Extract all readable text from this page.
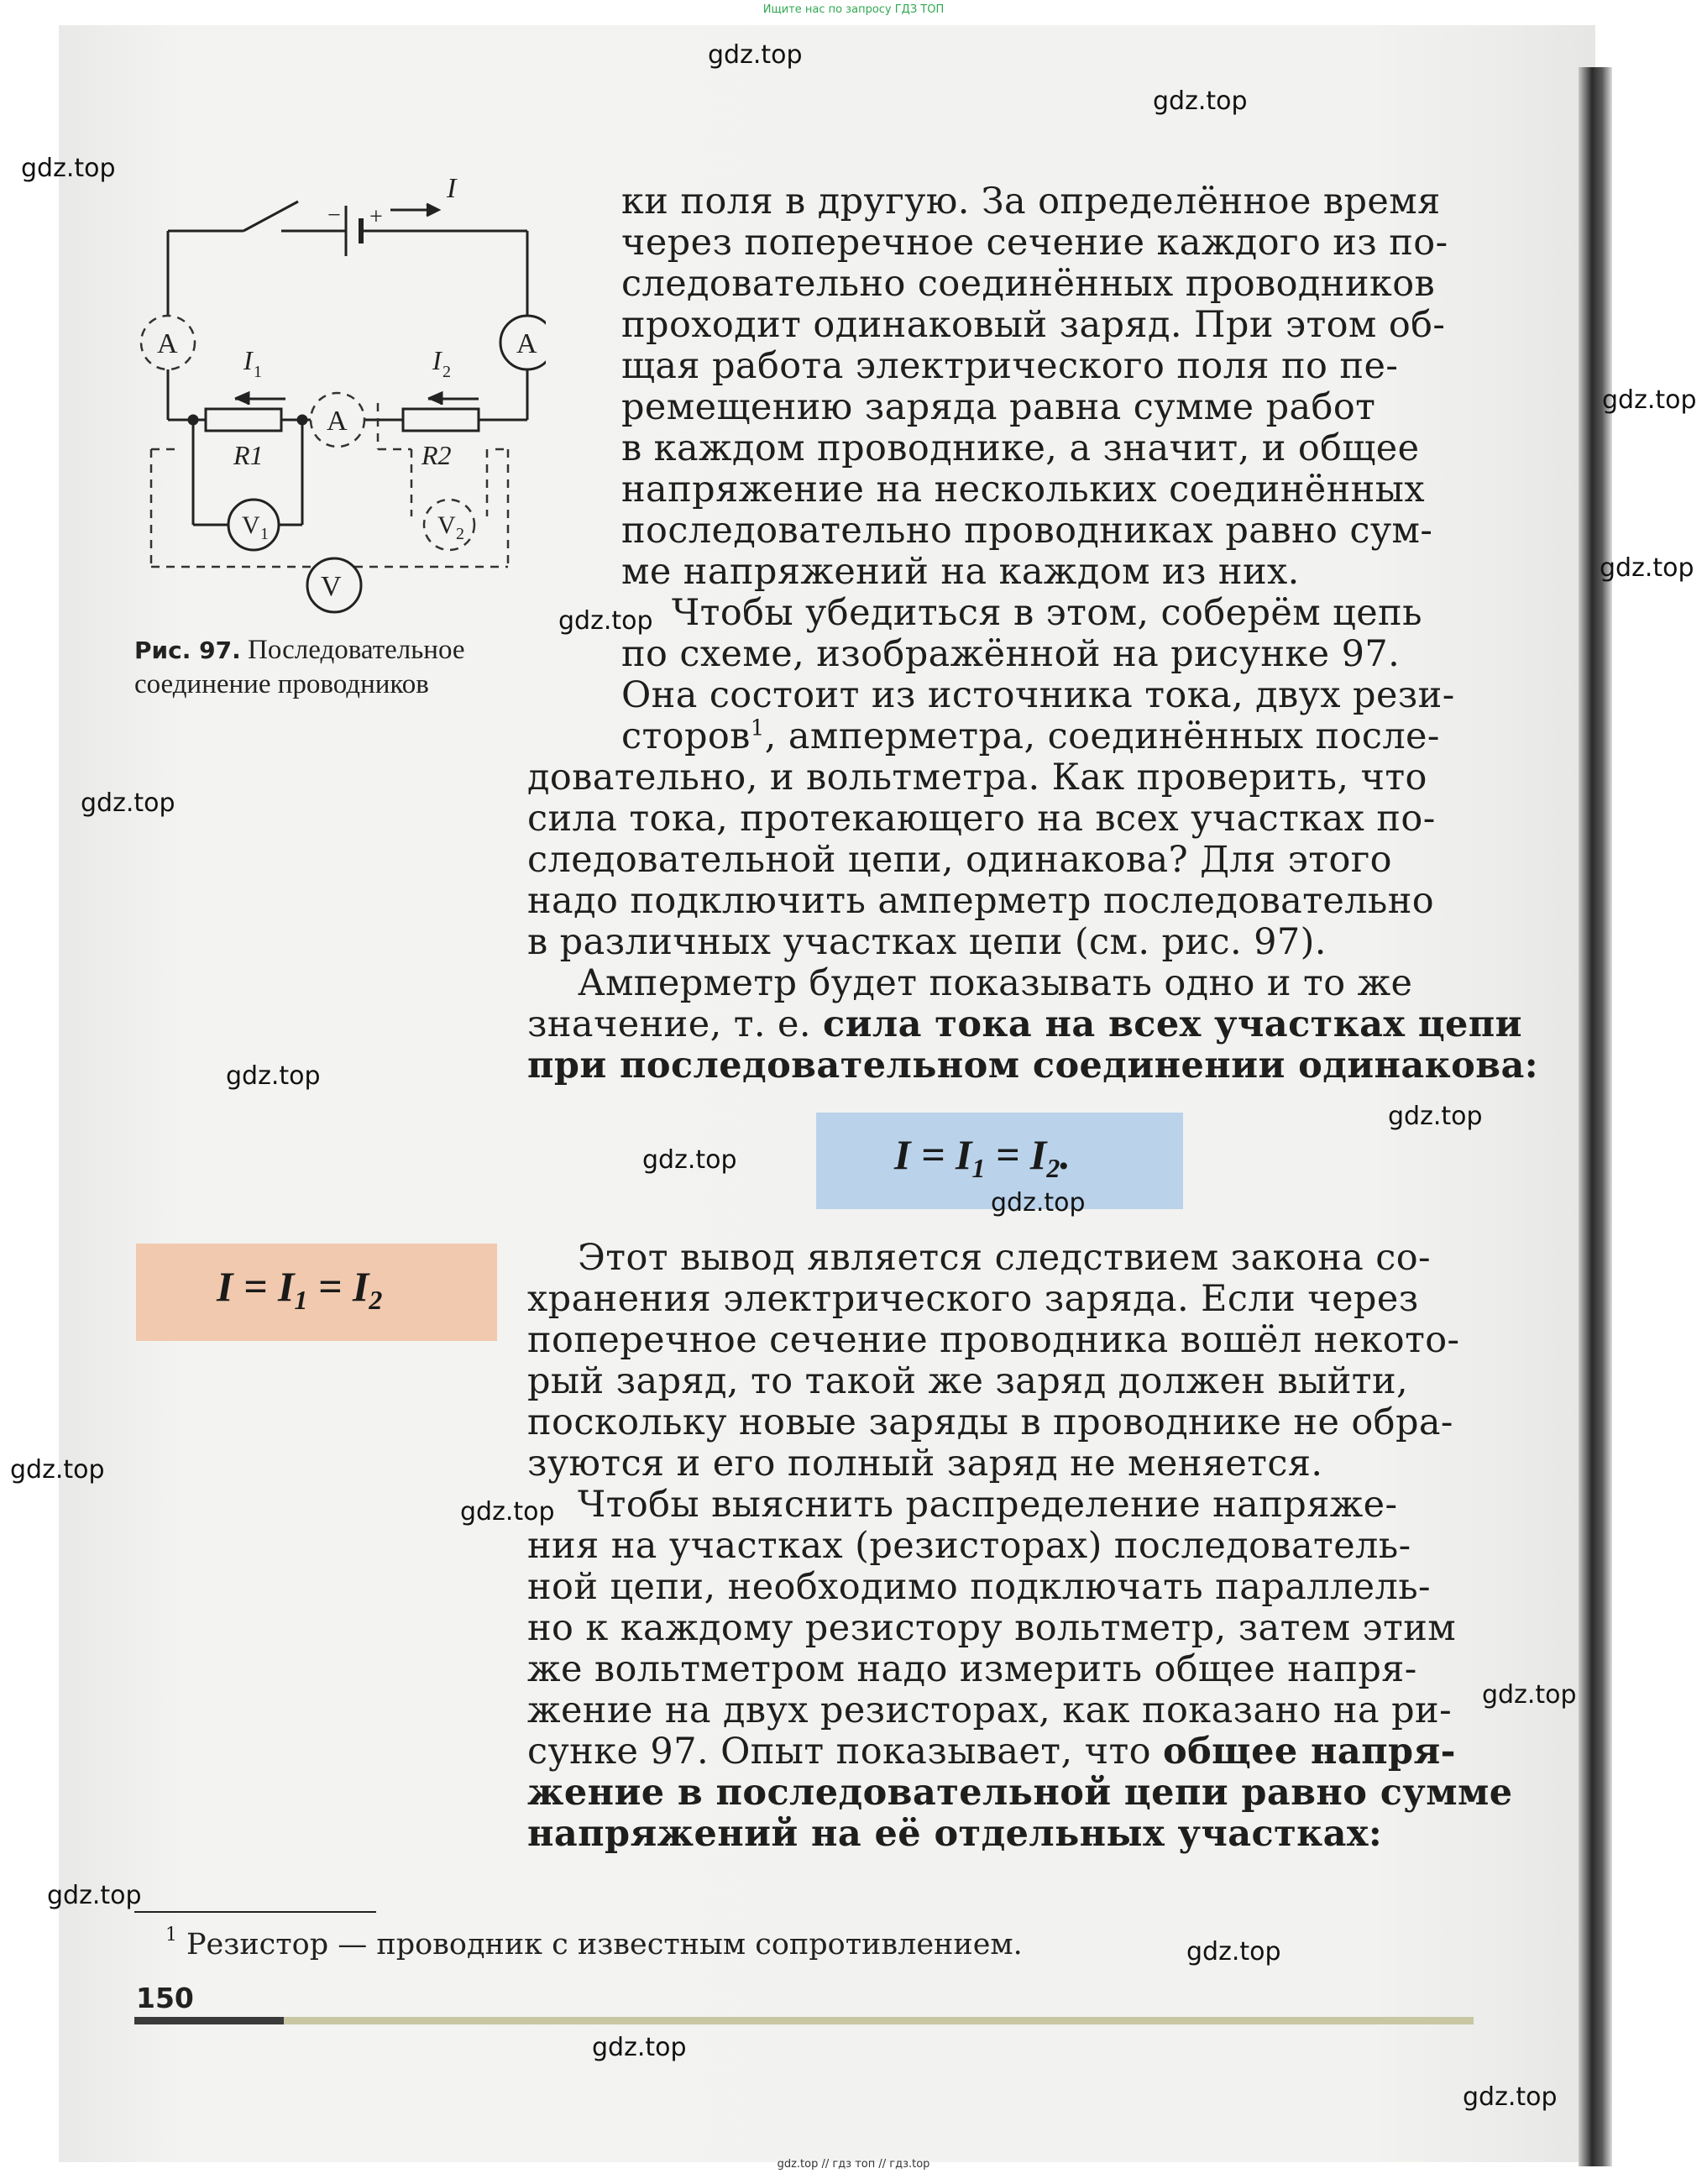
Ищите нас по запросу ГДЗ ТОП
A	A
A
V
V 1	V 2
R1	R2
I 1	I 2
I
− +
Рис. 97. Последовательное соединение проводников
ки поля в другую. За определённое время
через поперечное сечение каждого из по-
следовательно соединённых проводников
проходит одинаковый заряд. При этом об-
щая работа электрического поля по пе-
ремещению заряда равна сумме работ
в каждом проводнике, а значит, и общее
напряжение на нескольких соединённых
последовательно проводниках равно сум-
ме напряжений на каждом из них.
Чтобы убедиться в этом, соберём цепь
по схеме, изображённой на рисунке 97.
Она состоит из источника тока, двух рези-
сторов$^1$, амперметра, соединённых после-
довательно, и вольтметра. Как проверить, что
сила тока, протекающего на всех участках по-
следовательной цепи, одинакова? Для этого
надо подключить амперметр последовательно
в различных участках цепи (см. рис. 97).
Амперметр будет показывать одно и то же
значение, т. е. сила тока на всех участках цепи
при последовательном соединении одинакова:
$I = I_1 = I_2$.
$I = I_1 = I_2$
Этот вывод является следствием закона со-
хранения электрического заряда. Если через
поперечное сечение проводника вошёл некото-
рый заряд, то такой же заряд должен выйти,
поскольку новые заряды в проводнике не обра-
зуются и его полный заряд не меняется.
Чтобы выяснить распределение напряже-
ния на участках (резисторах) последователь-
ной цепи, необходимо подключать параллель-
но к каждому резистору вольтметр, затем этим
же вольтметром надо измерить общее напря-
жение на двух резисторах, как показано на ри-
сунке 97. Опыт показывает, что общее напря-
жение в последовательной цепи равно сумме
напряжений на её отдельных участках:
1 Резистор — проводник с известным сопротивлением.
150
gdz.top
gdz.top
gdz.top
gdz.top
gdz.top
gdz.top
gdz.top
gdz.top
gdz.top
gdz.top
gdz.top
gdz.top
gdz.top
gdz.top
gdz.top
gdz.top
gdz.top
gdz.top
gdz.top // гдз топ // гдз.top
